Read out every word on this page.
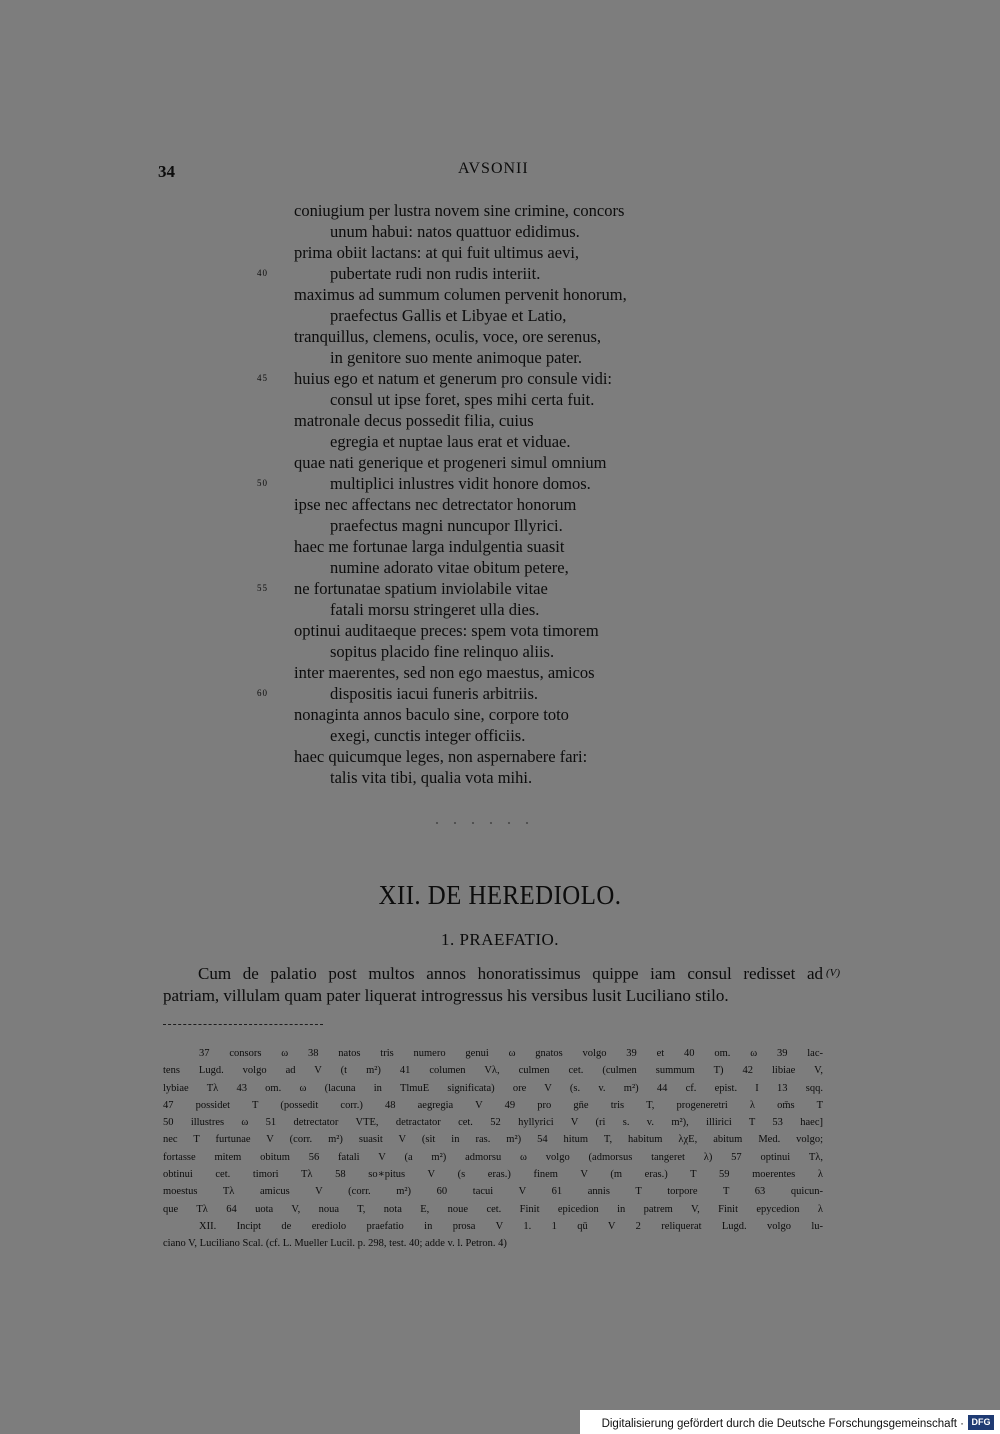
34	AVSONII
coniugium per lustra novem sine crimine, concors
unum habui: natos quattuor edidimus.
prima obiit lactans: at qui fuit ultimus aevi,
40	pubertate rudi non rudis interiit.
maximus ad summum columen pervenit honorum,
praefectus Gallis et Libyae et Latio,
tranquillus, clemens, oculis, voce, ore serenus,
in genitore suo mente animoque pater.
45 huius ego et natum et generum pro consule vidi:
consul ut ipse foret, spes mihi certa fuit.
matronale decus possedit filia, cuius
egregia et nuptae laus erat et viduae.
quae nati generique et progeneri simul omnium
50	multiplici inlustres vidit honore domos.
ipse nec affectans nec detrectator honorum
praefectus magni nuncupor Illyrici.
haec me fortunae larga indulgentia suasit
numine adorato vitae obitum petere,
55 ne fortunatae spatium inviolabile vitae
fatali morsu stringeret ulla dies.
optinui auditaeque preces: spem vota timorem
sopitus placido fine relinquo aliis.
inter maerentes, sed non ego maestus, amicos
60	dispositis iacui funeris arbitriis.
nonaginta annos baculo sine, corpore toto
exegi, cunctis integer officiis.
haec quicumque leges, non aspernabere fari:
talis vita tibi, qualia vota mihi.
XII. DE HEREDIOLO.
1. PRAEFATIO.
Cum de palatio post multos annos honoratissimus quippe iam consul redisset ad
patriam, villulam quam pater liquerat introgressus his versibus lusit Luciliano stilo.
(V)
37 consors ω 38 natos tris numero genui ω gnatos volgo 39 et 40 om. ω 39 lac-
tens Lugd. volgo ad V (t m²) 41 columen Vλ, culmen cet. (culmen summum T) 42 libiae V,
lybiae Tλ 43 om. ω (lacuna in TlmuE significata) ore V (s. v. m²) 44 cf. epist. I 13 sqq.
47 possidet T (possedit corr.) 48 aegregia V 49 pro gn̄e tris T, progeneretri λ om̄s T
50 illustres ω 51 detrectator VTE, detractator cet. 52 hyllyrici V (ri s. v. m²), illirici T 53 haec]
nec T furtunae V (corr. m²) suasit V (sit in ras. m²) 54 hitum T, habitum λχE, abitum Med. volgo;
fortasse mitem obitum 56 fatali V (a m²) admorsu ω volgo (admorsus tangeret λ) 57 optinui Tλ,
obtinui cet. timori Tλ 58 so∗pitus V (s eras.) finem V (m eras.) T 59 moerentes λ
moestus Tλ amicus V (corr. m²) 60 tacui V 61 annis T torpore T 63 quicun-
que Tλ 64 uota V, noua T, nota E, noue cet. Finit epicedion in patrem V, Finit epycedion λ
XII. Incipt de erediolo praefatio in prosa V 1. 1 qū V 2 reliquerat Lugd. volgo lu-
ciano V, Luciliano Scal. (cf. L. Mueller Lucil. p. 298, test. 40; adde v. l. Petron. 4)
Digitalisierung gefördert durch die Deutsche Forschungsgemeinschaft · DFG
